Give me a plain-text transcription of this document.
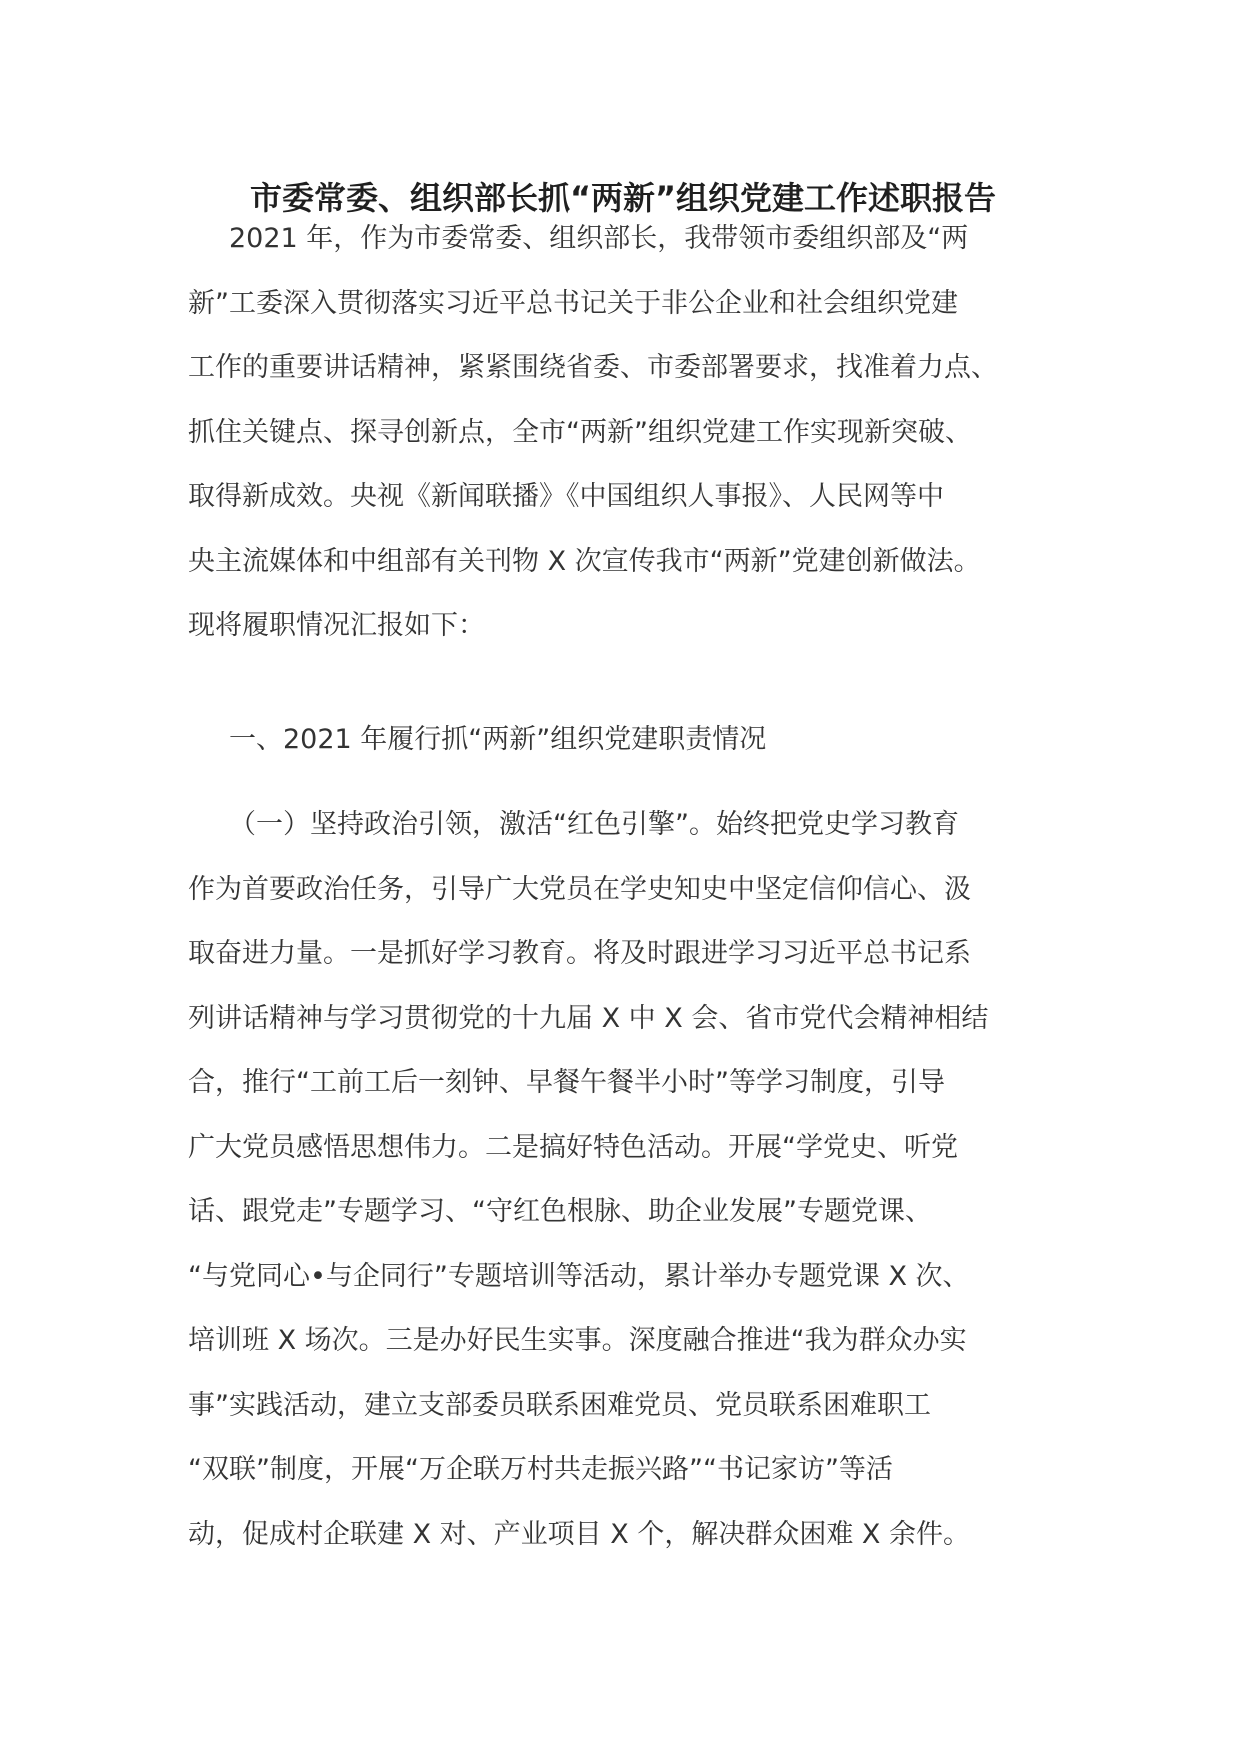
市委常委、组织部长抓“两新”组织党建工作述职报告
2021 年，作为市委常委、组织部长，我带领市委组织部及“两
新”工委深入贯彻落实习近平总书记关于非公企业和社会组织党建
工作的重要讲话精神，紧紧围绕省委、市委部署要求，找准着力点、
抓住关键点、探寻创新点，全市“两新”组织党建工作实现新突破、
取得新成效。央视《新闻联播》《中国组织人事报》、人民网等中
央主流媒体和中组部有关刊物 X 次宣传我市“两新”党建创新做法。
现将履职情况汇报如下：
一、2021 年履行抓“两新”组织党建职责情况
（一）坚持政治引领，激活“红色引擎”。始终把党史学习教育
作为首要政治任务，引导广大党员在学史知史中坚定信仰信心、汲
取奋进力量。一是抓好学习教育。将及时跟进学习习近平总书记系
列讲话精神与学习贯彻党的十九届 X 中 X 会、省市党代会精神相结
合，推行“工前工后一刻钟、早餐午餐半小时”等学习制度，引导
广大党员感悟思想伟力。二是搞好特色活动。开展“学党史、听党
话、跟党走”专题学习、“守红色根脉、助企业发展”专题党课、
“与党同心•与企同行”专题培训等活动，累计举办专题党课 X 次、
培训班 X 场次。三是办好民生实事。深度融合推进“我为群众办实
事”实践活动，建立支部委员联系困难党员、党员联系困难职工
“双联”制度，开展“万企联万村共走振兴路”“书记家访”等活
动，促成村企联建 X 对、产业项目 X 个，解决群众困难 X 余件。
